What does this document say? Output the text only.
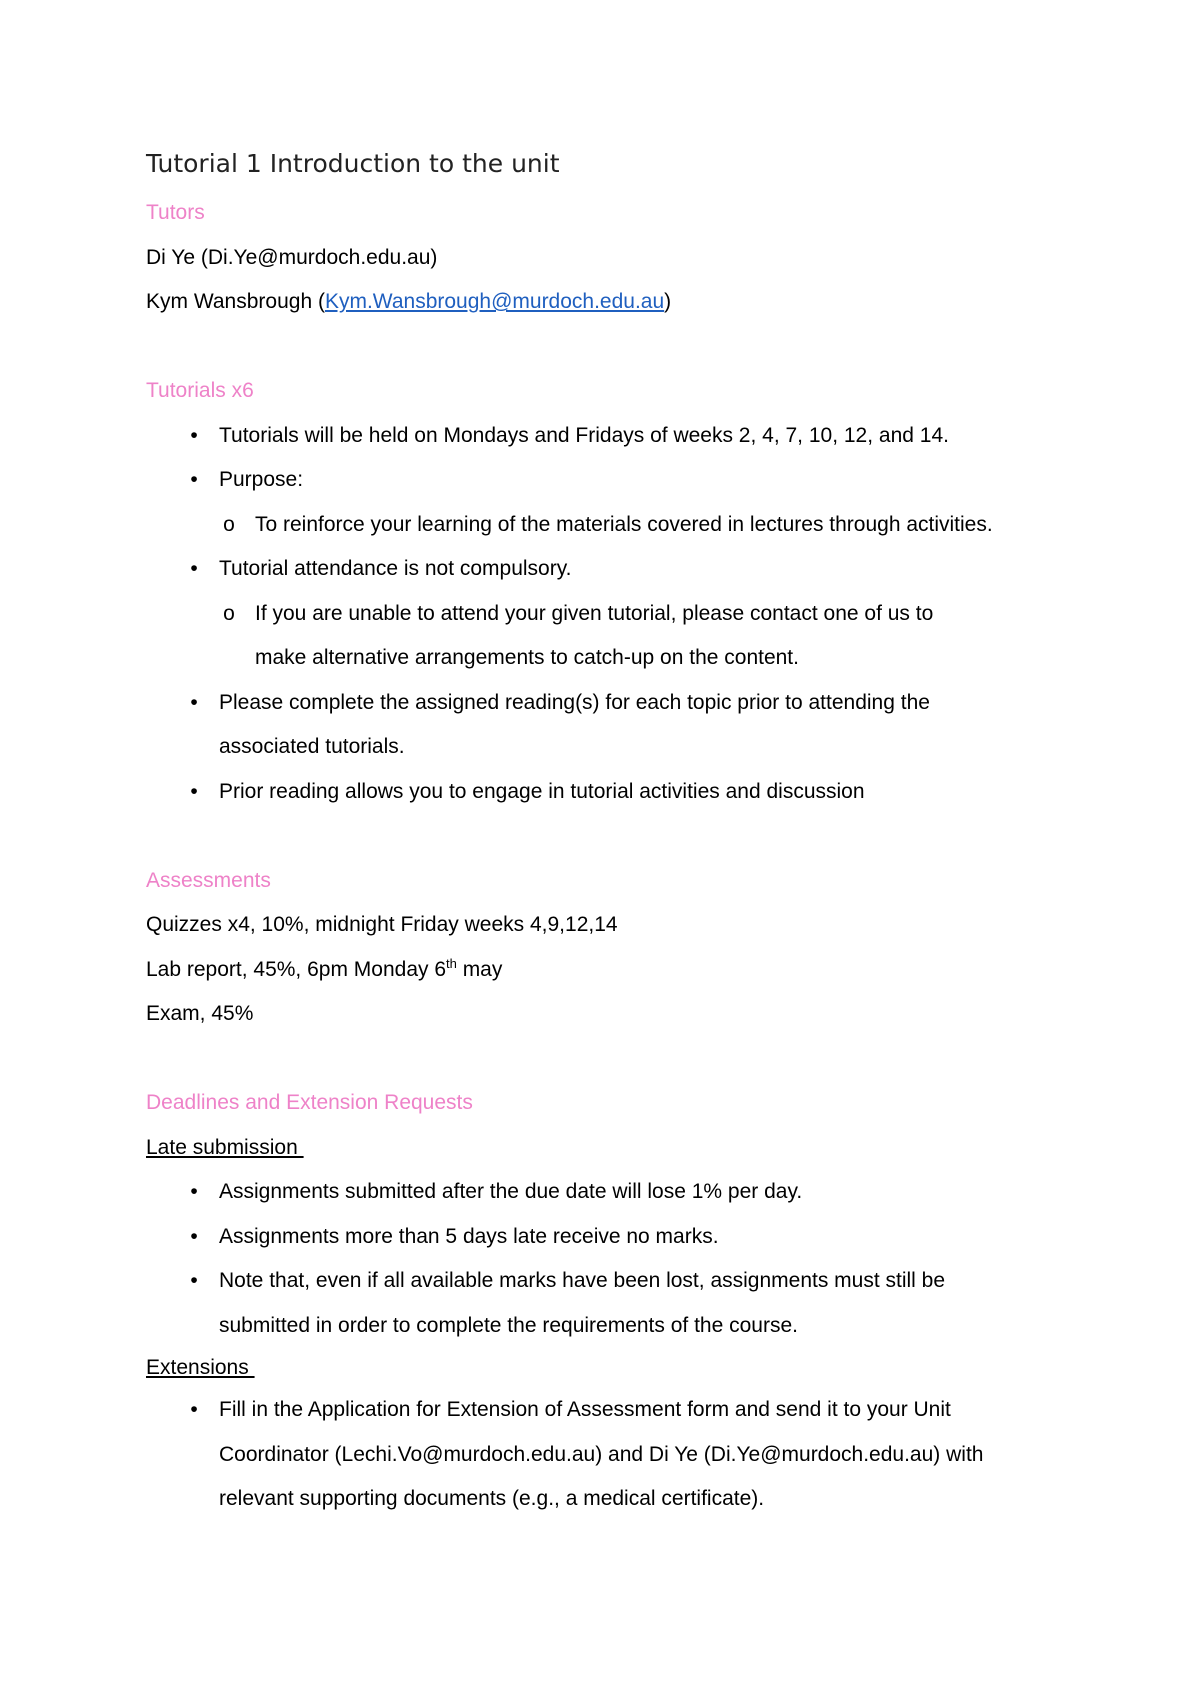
Tutorial 1 Introduction to the unit
Tutors
Di Ye (Di.Ye@murdoch.edu.au)
Kym Wansbrough (Kym.Wansbrough@murdoch.edu.au)
Tutorials x6
•	Tutorials will be held on Mondays and Fridays of weeks 2, 4, 7, 10, 12, and 14.
•	Purpose:
o To reinforce your learning of the materials covered in lectures through activities.
•	Tutorial attendance is not compulsory.
o If you are unable to attend your given tutorial, please contact one of us to make alternative arrangements to catch-up on the content.
•	Please complete the assigned reading(s) for each topic prior to attending the associated tutorials.
•	Prior reading allows you to engage in tutorial activities and discussion
Assessments
Quizzes x4, 10%, midnight Friday weeks 4,9,12,14
Lab report, 45%, 6pm Monday 6th may
Exam, 45%
Deadlines and Extension Requests
Late submission
•	Assignments submitted after the due date will lose 1% per day.
•	Assignments more than 5 days late receive no marks.
•	Note that, even if all available marks have been lost, assignments must still be submitted in order to complete the requirements of the course.
Extensions
•	Fill in the Application for Extension of Assessment form and send it to your Unit Coordinator (Lechi.Vo@murdoch.edu.au) and Di Ye (Di.Ye@murdoch.edu.au) with relevant supporting documents (e.g., a medical certificate).
